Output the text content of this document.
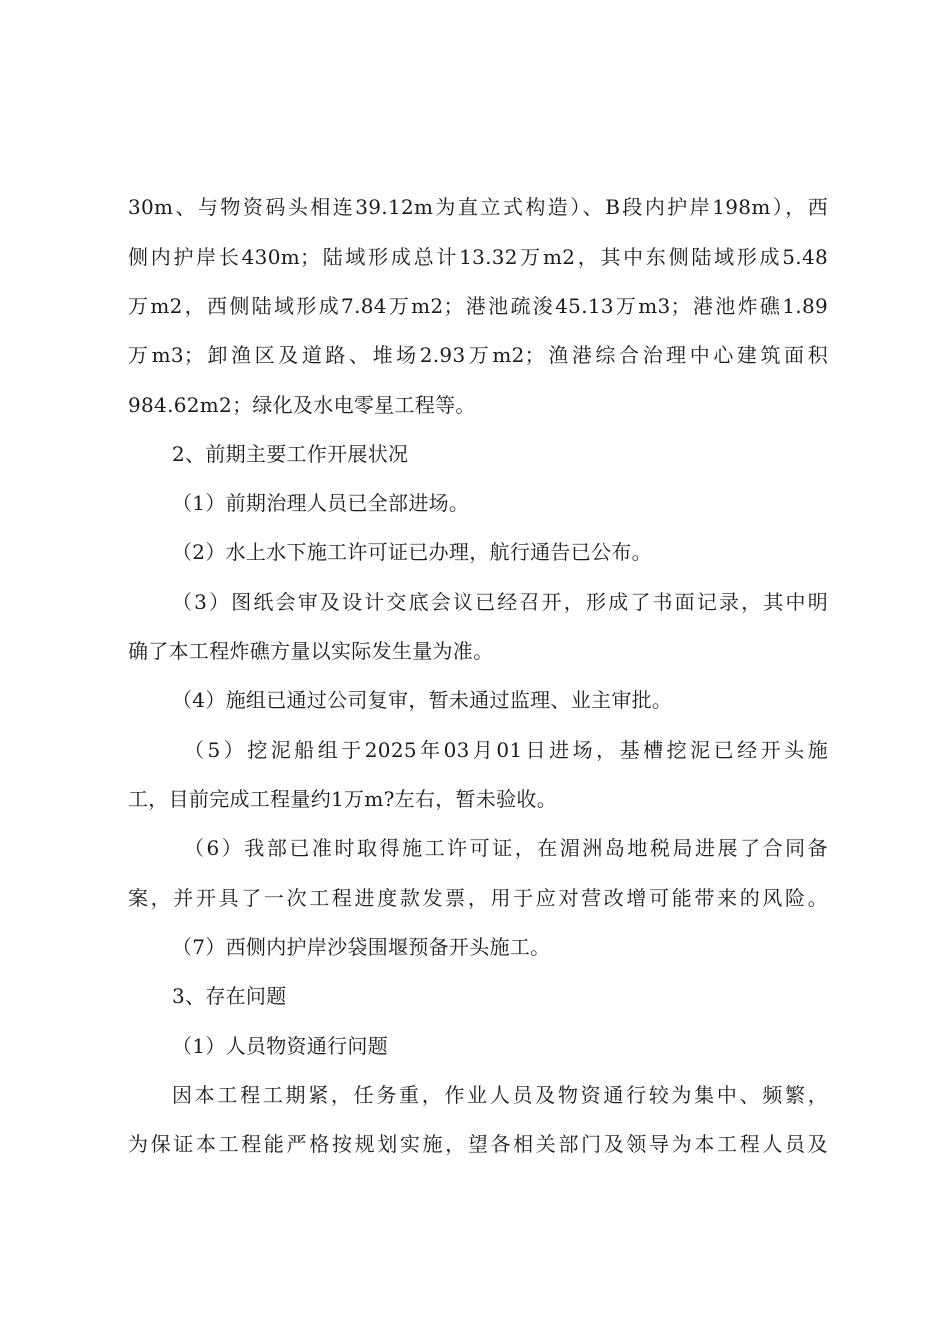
30m、与物资码头相连39.12m为直立式构造）、B段内护岸198m），西
侧内护岸长430m；陆域形成总计13.32万m2，其中东侧陆域形成5.48
万m2，西侧陆域形成7.84万m2；港池疏浚45.13万m3；港池炸礁1.89
万m3；卸渔区及道路、堆场2.93万m2；渔港综合治理中心建筑面积
984.62m2；绿化及水电零星工程等。
2、前期主要工作开展状况
（1）前期治理人员已全部进场。
（2）水上水下施工许可证已办理，航行通告已公布。
（3）图纸会审及设计交底会议已经召开，形成了书面记录，其中明
确了本工程炸礁方量以实际发生量为准。
（4）施组已通过公司复审，暂未通过监理、业主审批。
（5）挖泥船组于2025年03月01日进场，基槽挖泥已经开头施
工，目前完成工程量约1万m?左右，暂未验收。
（6）我部已准时取得施工许可证，在湄洲岛地税局进展了合同备
案，并开具了一次工程进度款发票，用于应对营改增可能带来的风险。
（7）西侧内护岸沙袋围堰预备开头施工。
3、存在问题
（1）人员物资通行问题
因本工程工期紧，任务重，作业人员及物资通行较为集中、频繁，
为保证本工程能严格按规划实施，望各相关部门及领导为本工程人员及
